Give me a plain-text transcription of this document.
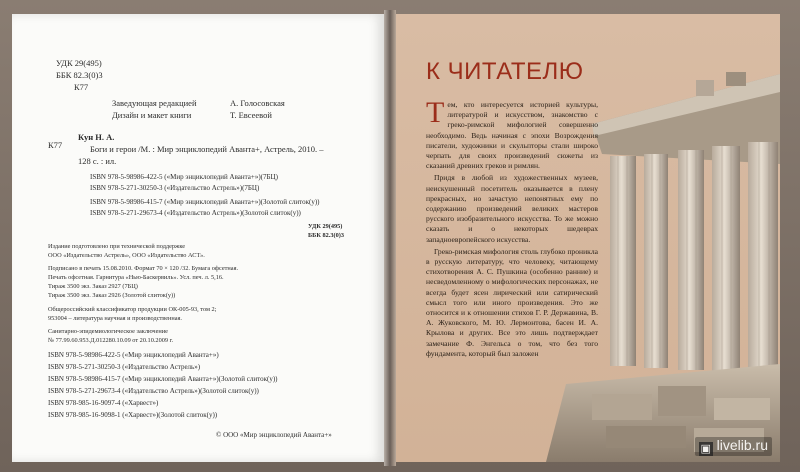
УДК 29(495)
ББК 82.3(0)3
К77
Заведующая редакцией	А. Голосовская
Дизайн и макет книги	Т. Евсеевой
К77
Кун Н. А.
Боги и герои /М. : Мир энциклопедий Аванта+, Астрель, 2010. –
128 с. : ил.
ISBN 978-5-98986-422-5 («Мир энциклопедий Аванта+»)(7БЦ)
ISBN 978-5-271-30250-3 («Издательство Астрель»)(7БЦ)
ISBN 978-5-98986-415-7 («Мир энциклопедий Аванта+»)(Золотой слиток(у))
ISBN 978-5-271-29673-4 («Издательство Астрель»)(Золотой слиток(у))
УДК 29(495)
ББК 82.3(0)3
Издание подготовлено при технической поддержке
ООО «Издательство Астрель», ООО «Издательство АСТ».
Подписано в печать 15.08.2010. Формат 70 × 120 /32. Бумага офсетная.
Печать офсетная. Гарнитура «Нью-Баскервиль». Усл. печ. л. 5,16.
Тираж 3500 экз. Заказ 2927 (7БЦ)
Тираж 3500 экз. Заказ 2926 (Золотой слиток(у))
Общероссийский классификатор продукции ОК-005-93, том 2;
953004 – литература научная и производственная.
Санитарно-эпидемиологическое заключение
№ 77.99.60.953.Д.012280.10.09 от 20.10.2009 г.
ISBN 978-5-98986-422-5 («Мир энциклопедий Аванта+»)
ISBN 978-5-271-30250-3 («Издательство Астрель»)
ISBN 978-5-98986-415-7 («Мир энциклопедий Аванта+»)(Золотой слиток(у))
ISBN 978-5-271-29673-4 («Издательство Астрель»)(Золотой слиток(у))
ISBN 978-985-16-9097-4 («Харвест»)
ISBN 978-985-16-9098-1 («Харвест»)(Золотой слиток(у))
© ООО «Мир энциклопедий Аванта+»
К ЧИТАТЕЛЮ

Тем, кто интересуется историей культуры, литературой и искусством, знакомство с греко-римской мифологией совершенно необходимо. Ведь начиная с эпохи Возрождения писатели, художники и скульпторы стали широко черпать для своих произведений сюжеты из сказаний древних греков и римлян.

Придя в любой из художественных музеев, неискушенный посетитель оказывается в плену прекрасных, но зачастую непонятных ему по содержанию произведений великих мастеров русского изобразительного искусства. То же можно сказать и о некоторых шедеврах западноевропейского искусства.

Греко-римская мифология столь глубоко проникла в русскую литературу, что человеку, читающему стихотворения А. С. Пушкина (особенно ранние) и несведомленному о мифологических персонажах, не всегда будет ясен лирический или сатирический смысл того или иного произведения. Это же относится и к отношении стихов Г. Р. Державина, В. А. Жуковского, М. Ю. Лермонтова, басен И. А. Крылова и других. Все это лишь подтверждает замечание Ф. Энгельса о том, что без того фундамента, который был заложен

▣ livelib.ru
